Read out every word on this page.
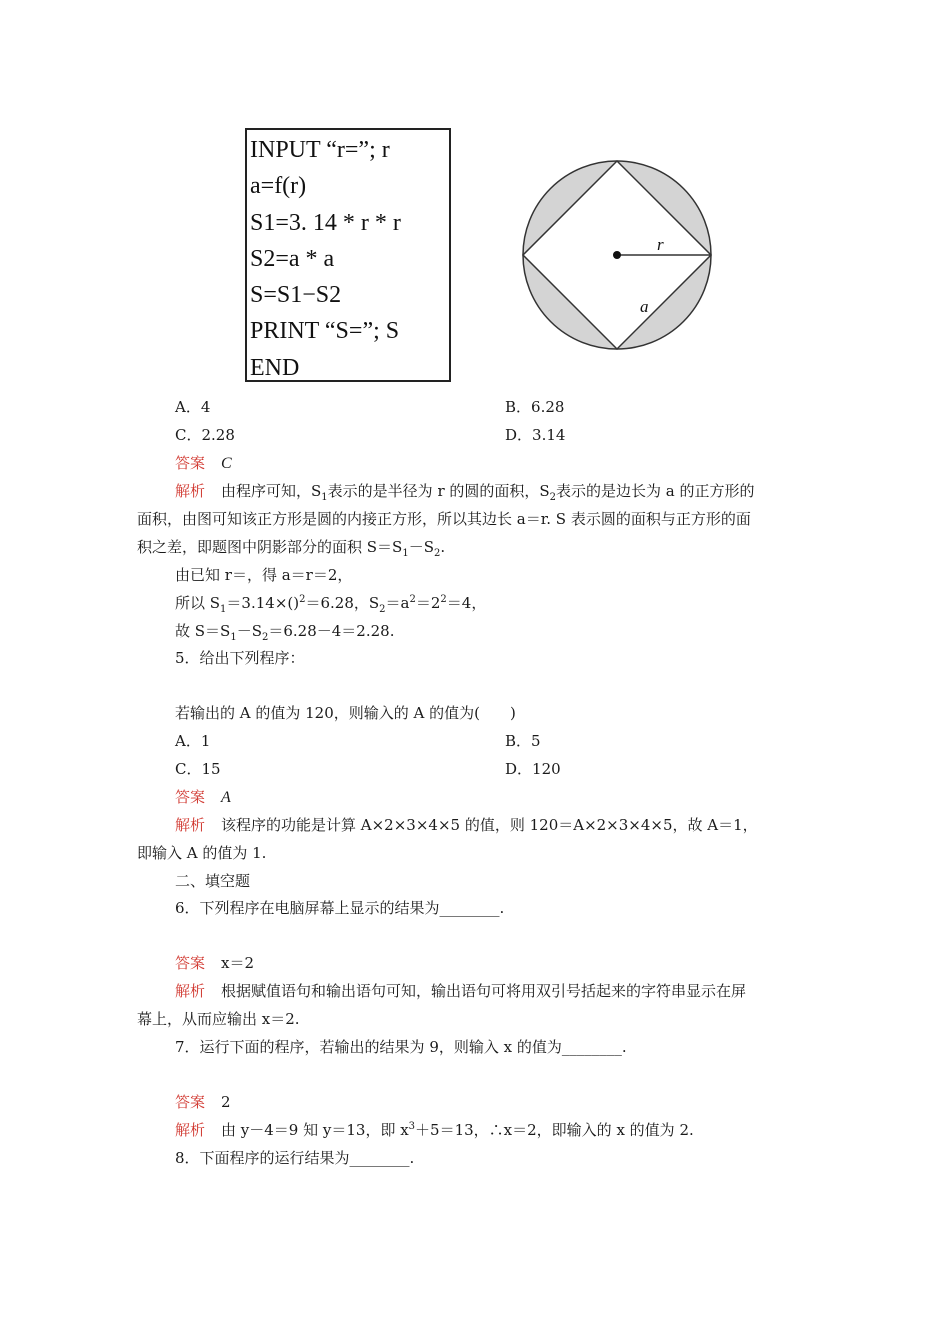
INPUT “r=”; r
a=f(r)
S1=3. 14 * r * r
S2=a * a
S=S1−S2
PRINT “S=”; S
END
r
a
A．4	B．6.28
C．2.28	D．3.14
答案 C
解析 由程序可知，$S_1$表示的是半径为 r 的圆的面积，$S_2$表示的是边长为 a 的正方形的
面积，由图可知该正方形是圆的内接正方形，所以其边长 a＝r. S 表示圆的面积与正方形的面
积之差，即题图中阴影部分的面积 $S=S_1-S_2$.
由已知 r＝，得 a＝r＝2，
所以 $S_1=3.14\times()^2=6.28$，$S_2=a^2=2^2=4$，
故 $S=S_1-S_2=6.28-4=2.28$.
5．给出下列程序：
若输出的 A 的值为 120，则输入的 A 的值为(　　)
A．1	B．5
C．15	D．120
答案 A
解析 该程序的功能是计算 A×2×3×4×5 的值，则 120＝A×2×3×4×5，故 A＝1，
即输入 A 的值为 1.
二、填空题
6．下列程序在电脑屏幕上显示的结果为________.
答案 x＝2
解析 根据赋值语句和输出语句可知，输出语句可将用双引号括起来的字符串显示在屏
幕上，从而应输出 x＝2.
7．运行下面的程序，若输出的结果为 9，则输入 x 的值为________.
答案 2
解析 由 y－4＝9 知 y＝13，即 $x^3+5=13$，∴x＝2，即输入的 x 的值为 2.
8．下面程序的运行结果为________.
